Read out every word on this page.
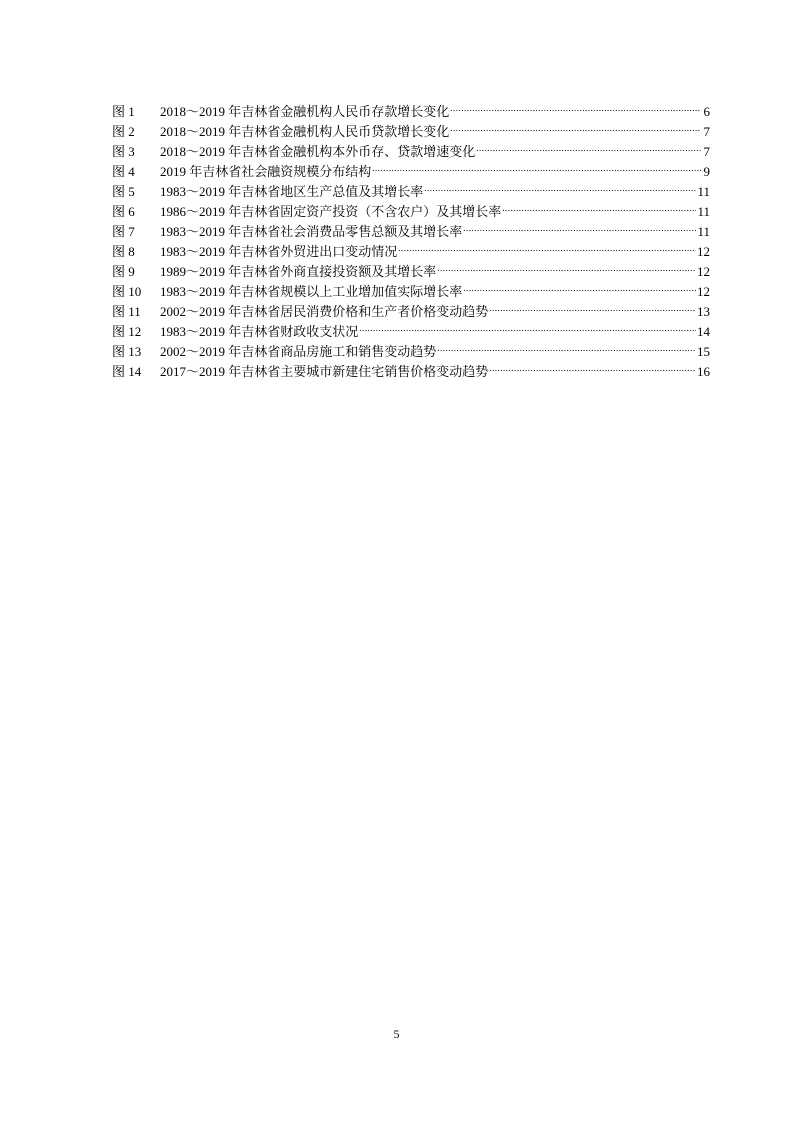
图 1	2018～2019 年吉林省金融机构人民币存款增长变化 .....	6
图 2	2018～2019 年吉林省金融机构人民币贷款增长变化 .....	7
图 3	2018～2019 年吉林省金融机构本外币存、贷款增速变化 .....	7
图 4	2019 年吉林省社会融资规模分布结构 .....	9
图 5	1983～2019 年吉林省地区生产总值及其增长率 .....	11
图 6	1986～2019 年吉林省固定资产投资（不含农户）及其增长率 .....	11
图 7	1983～2019 年吉林省社会消费品零售总额及其增长率 .....	11
图 8	1983～2019 年吉林省外贸进出口变动情况 .....	12
图 9	1989～2019 年吉林省外商直接投资额及其增长率 .....	12
图 10	1983～2019 年吉林省规模以上工业增加值实际增长率 .....	12
图 11	2002～2019 年吉林省居民消费价格和生产者价格变动趋势 .....	13
图 12	1983～2019 年吉林省财政收支状况 .....	14
图 13	2002～2019 年吉林省商品房施工和销售变动趋势 .....	15
图 14	2017～2019 年吉林省主要城市新建住宅销售价格变动趋势 .....	16
5
